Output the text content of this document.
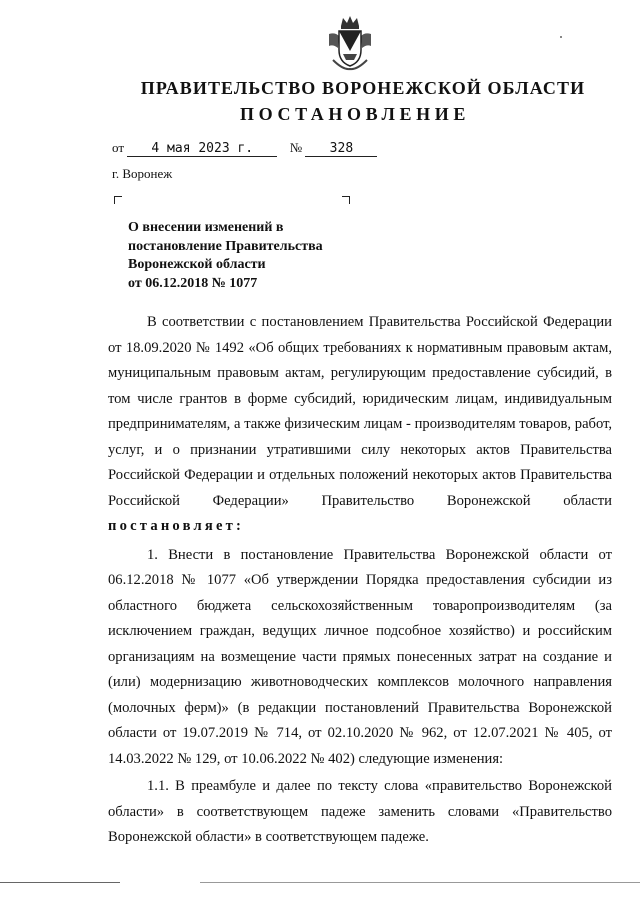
ПРАВИТЕЛЬСТВО ВОРОНЕЖСКОЙ ОБЛАСТИ
ПОСТАНОВЛЕНИЕ
от 4 мая 2023 г.	№ 328
г. Воронеж
О внесении изменений в
постановление Правительства
Воронежской области
от 06.12.2018 № 1077

В соответствии с постановлением Правительства Российской Федерации от 18.09.2020 № 1492 «Об общих требованиях к нормативным правовым актам, муниципальным правовым актам, регулирующим предоставление субсидий, в том числе грантов в форме субсидий, юридическим лицам, индивидуальным предпринимателям, а также физическим лицам - производителям товаров, работ, услуг, и о признании утратившими силу некоторых актов Правительства Российской Федерации и отдельных положений некоторых актов Правительства Российской Федерации» Правительство Воронежской области постановляет:

1. Внести в постановление Правительства Воронежской области от 06.12.2018 № 1077 «Об утверждении Порядка предоставления субсидии из областного бюджета сельскохозяйственным товаропроизводителям (за исключением граждан, ведущих личное подсобное хозяйство) и российским организациям на возмещение части прямых понесенных затрат на создание и (или) модернизацию животноводческих комплексов молочного направления (молочных ферм)» (в редакции постановлений Правительства Воронежской области от 19.07.2019 № 714, от 02.10.2020 № 962, от 12.07.2021 № 405, от 14.03.2022 № 129, от 10.06.2022 № 402) следующие изменения:

1.1. В преамбуле и далее по тексту слова «правительство Воронежской области» в соответствующем падеже заменить словами «Правительство Воронежской области» в соответствующем падеже.
